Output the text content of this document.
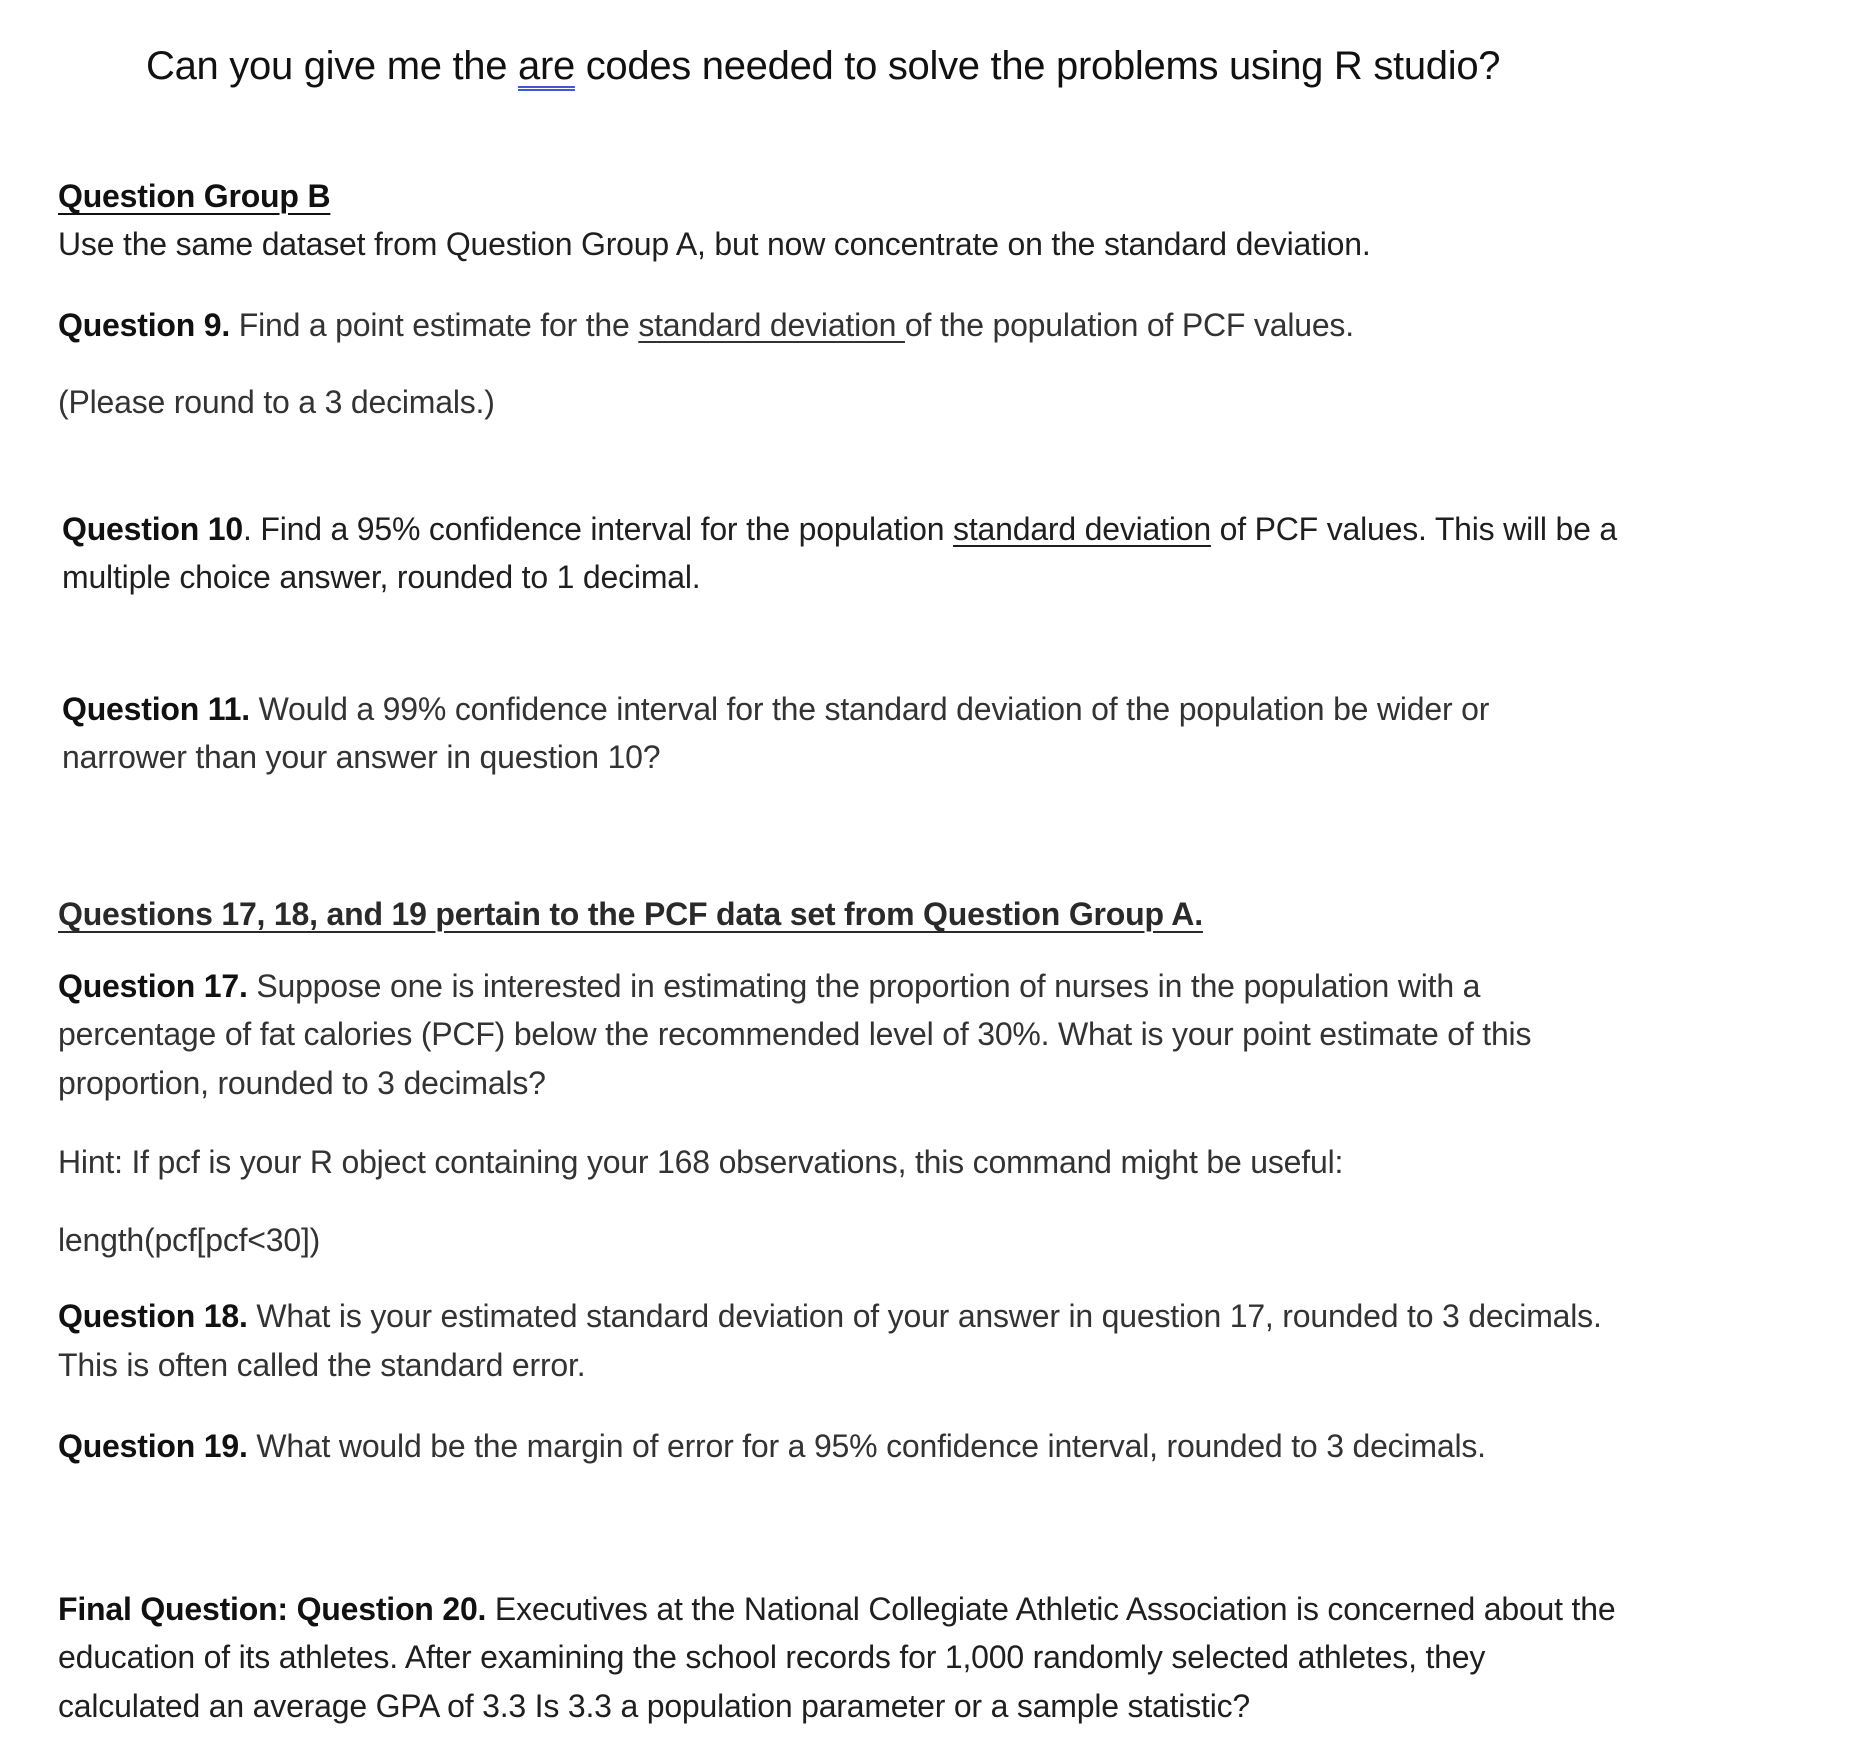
Can you give me the are codes needed to solve the problems using R studio?
Question Group B
Use the same dataset from Question Group A, but now concentrate on the standard deviation.
Question 9. Find a point estimate for the standard deviation of the population of PCF values.
(Please round to a 3 decimals.)
Question 10. Find a 95% confidence interval for the population standard deviation of PCF values. This will be a
multiple choice answer, rounded to 1 decimal.
Question 11. Would a 99% confidence interval for the standard deviation of the population be wider or
narrower than your answer in question 10?
Questions 17, 18, and 19 pertain to the PCF data set from Question Group A.
Question 17. Suppose one is interested in estimating the proportion of nurses in the population with a
percentage of fat calories (PCF) below the recommended level of 30%. What is your point estimate of this
proportion, rounded to 3 decimals?
Hint: If pcf is your R object containing your 168 observations, this command might be useful:
length(pcf[pcf<30])
Question 18. What is your estimated standard deviation of your answer in question 17, rounded to 3 decimals.
This is often called the standard error.
Question 19. What would be the margin of error for a 95% confidence interval, rounded to 3 decimals.
Final Question: Question 20. Executives at the National Collegiate Athletic Association is concerned about the
education of its athletes. After examining the school records for 1,000 randomly selected athletes, they
calculated an average GPA of 3.3 Is 3.3 a population parameter or a sample statistic?
